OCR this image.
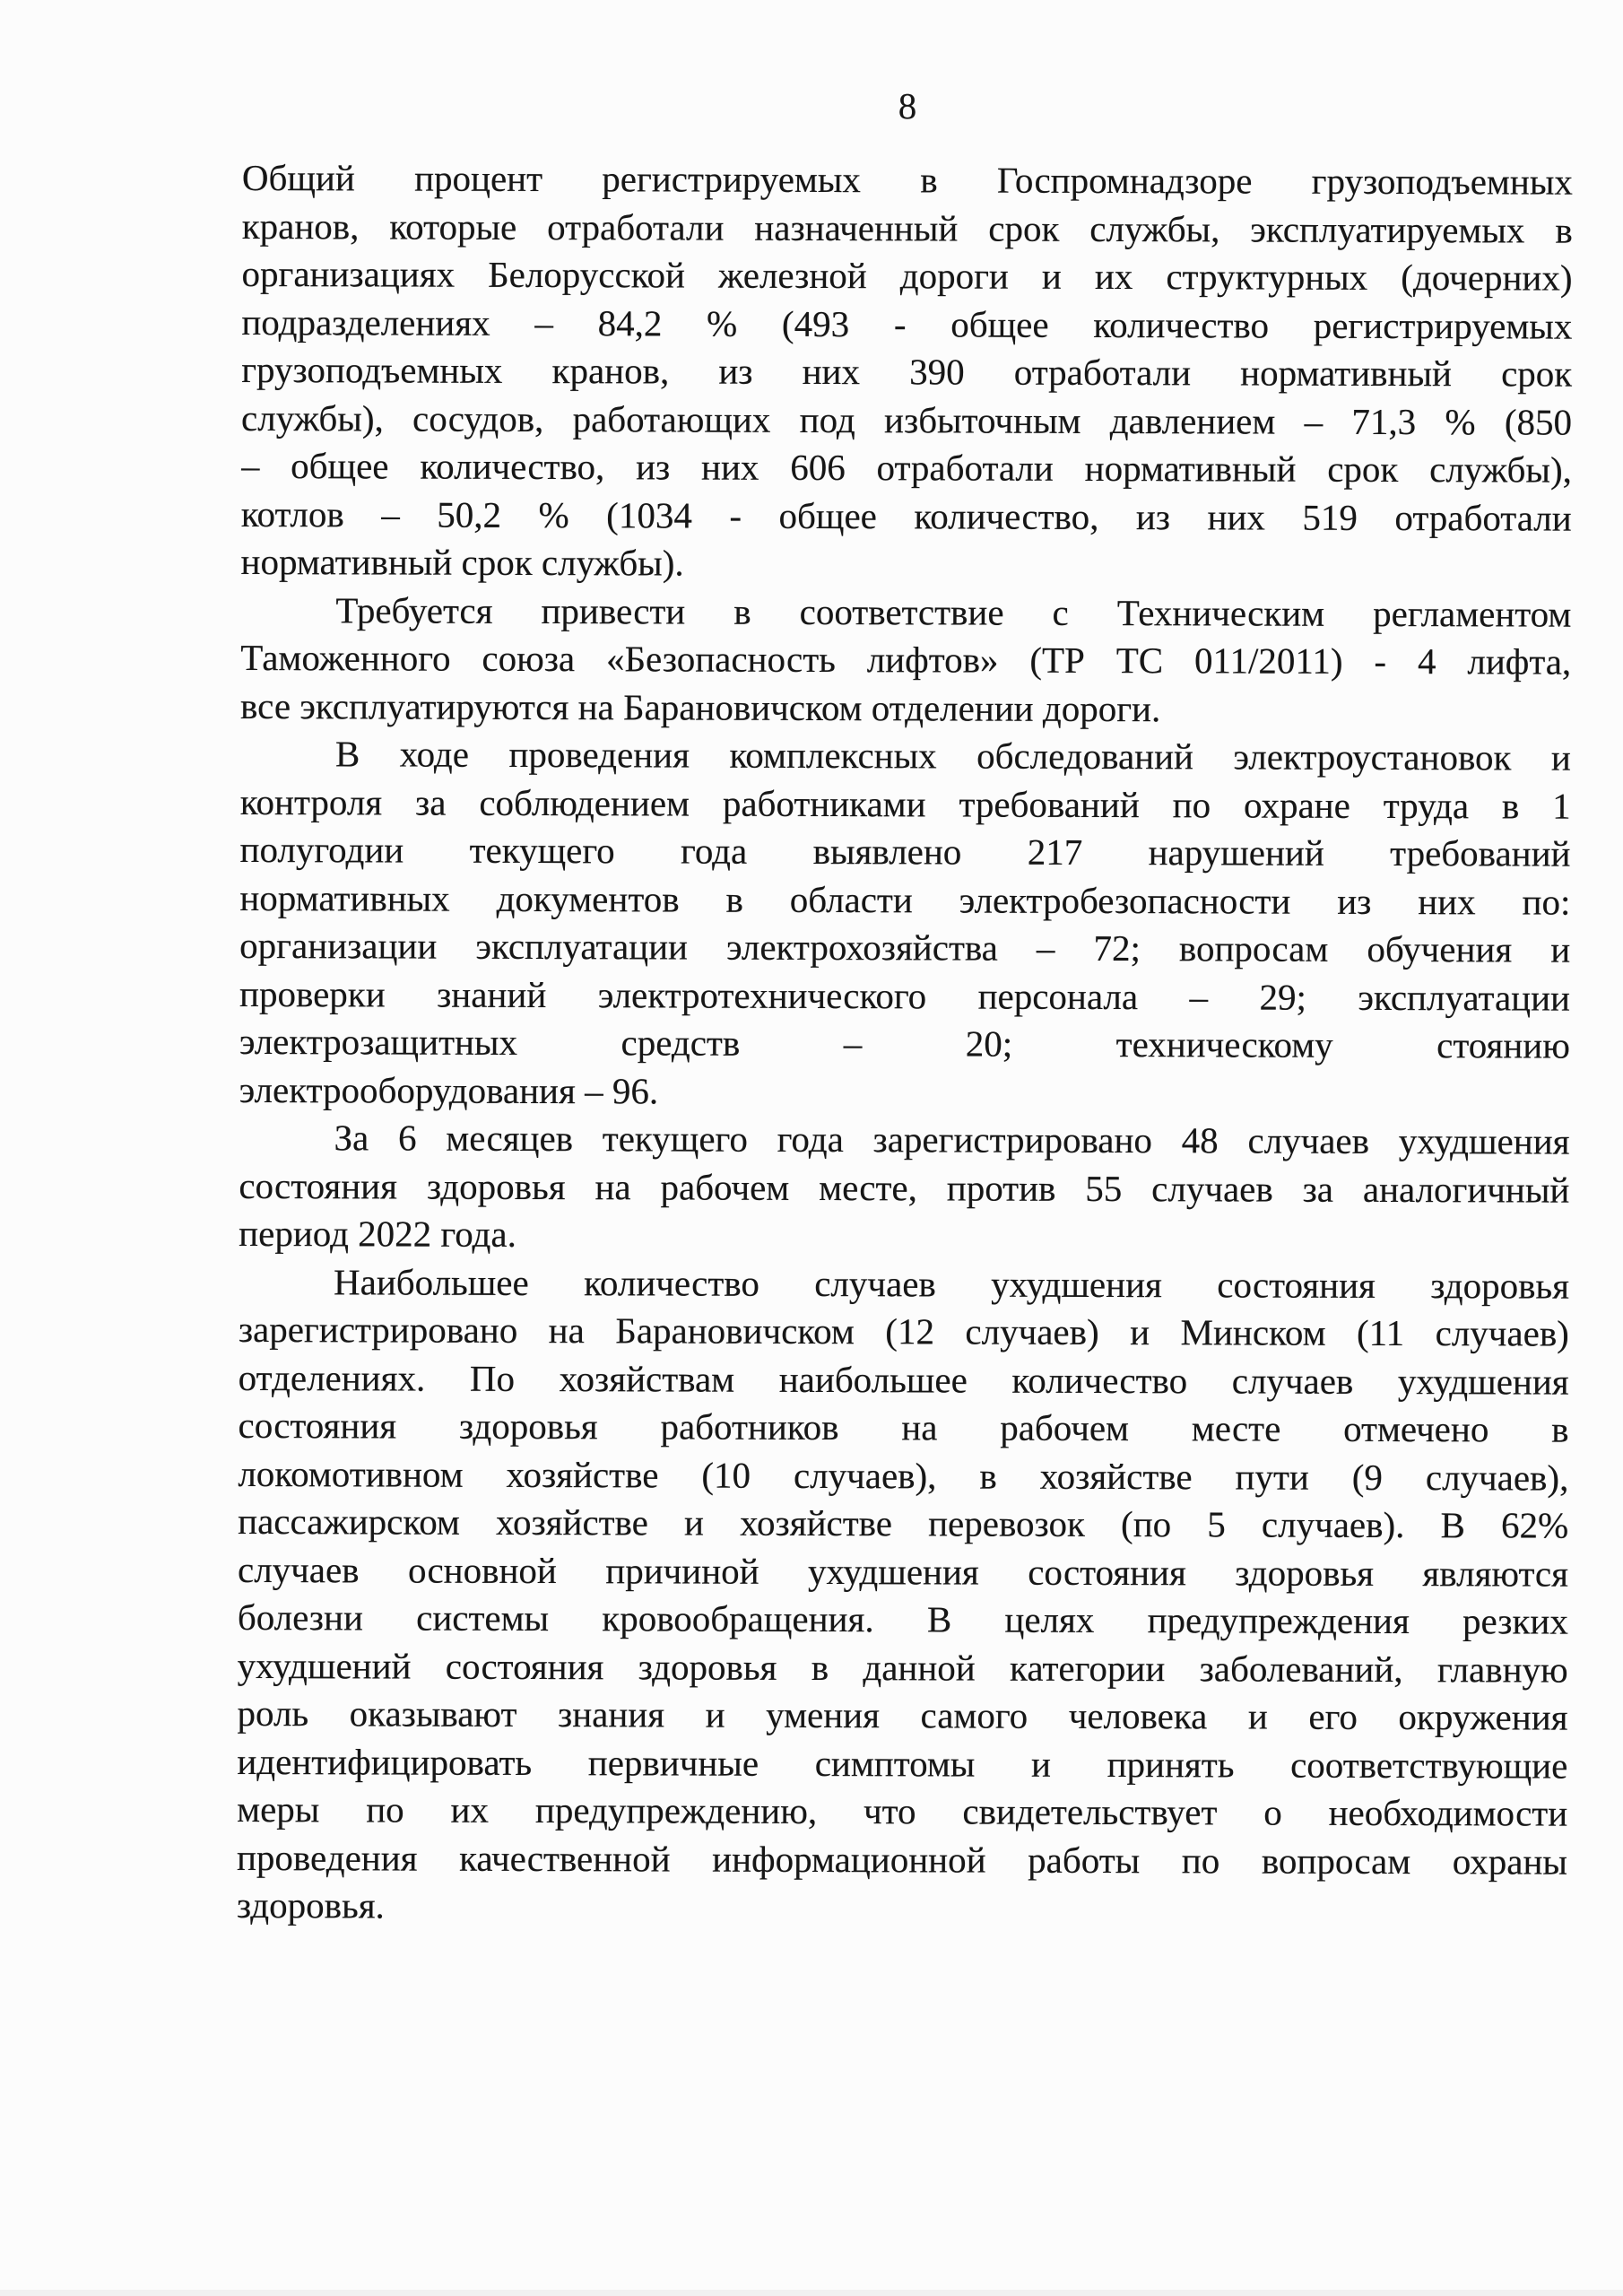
8

Общий процент регистрируемых в Госпромнадзоре грузоподъемных
кранов, которые отработали назначенный срок службы, эксплуатируемых в
организациях Белорусской железной дороги и их структурных (дочерних)
подразделениях – 84,2 % (493 - общее количество регистрируемых
грузоподъемных кранов, из них 390 отработали нормативный срок
службы), сосудов, работающих под избыточным давлением – 71,3 % (850
– общее количество, из них 606 отработали нормативный срок службы),
котлов – 50,2 % (1034 - общее количество, из них 519 отработали
нормативный срок службы).

Требуется привести в соответствие с Техническим регламентом
Таможенного союза «Безопасность лифтов» (ТР ТС 011/2011) - 4 лифта,
все эксплуатируются на Барановичском отделении дороги.

В ходе проведения комплексных обследований электроустановок и
контроля за соблюдением работниками требований по охране труда в 1
полугодии текущего года выявлено 217 нарушений требований
нормативных документов в области электробезопасности из них по:
организации эксплуатации электрохозяйства – 72; вопросам обучения и
проверки знаний электротехнического персонала – 29; эксплуатации
электрозащитных средств – 20; техническому стоянию
электрооборудования – 96.

За 6 месяцев текущего года зарегистрировано 48 случаев ухудшения
состояния здоровья на рабочем месте, против 55 случаев за аналогичный
период 2022 года.

Наибольшее количество случаев ухудшения состояния здоровья
зарегистрировано на Барановичском (12 случаев) и Минском (11 случаев)
отделениях. По хозяйствам наибольшее количество случаев ухудшения
состояния здоровья работников на рабочем месте отмечено в
локомотивном хозяйстве (10 случаев), в хозяйстве пути (9 случаев),
пассажирском хозяйстве и хозяйстве перевозок (по 5 случаев). В 62%
случаев основной причиной ухудшения состояния здоровья являются
болезни системы кровообращения. В целях предупреждения резких
ухудшений состояния здоровья в данной категории заболеваний, главную
роль оказывают знания и умения самого человека и его окружения
идентифицировать первичные симптомы и принять соответствующие
меры по их предупреждению, что свидетельствует о необходимости
проведения качественной информационной работы по вопросам охраны
здоровья.
